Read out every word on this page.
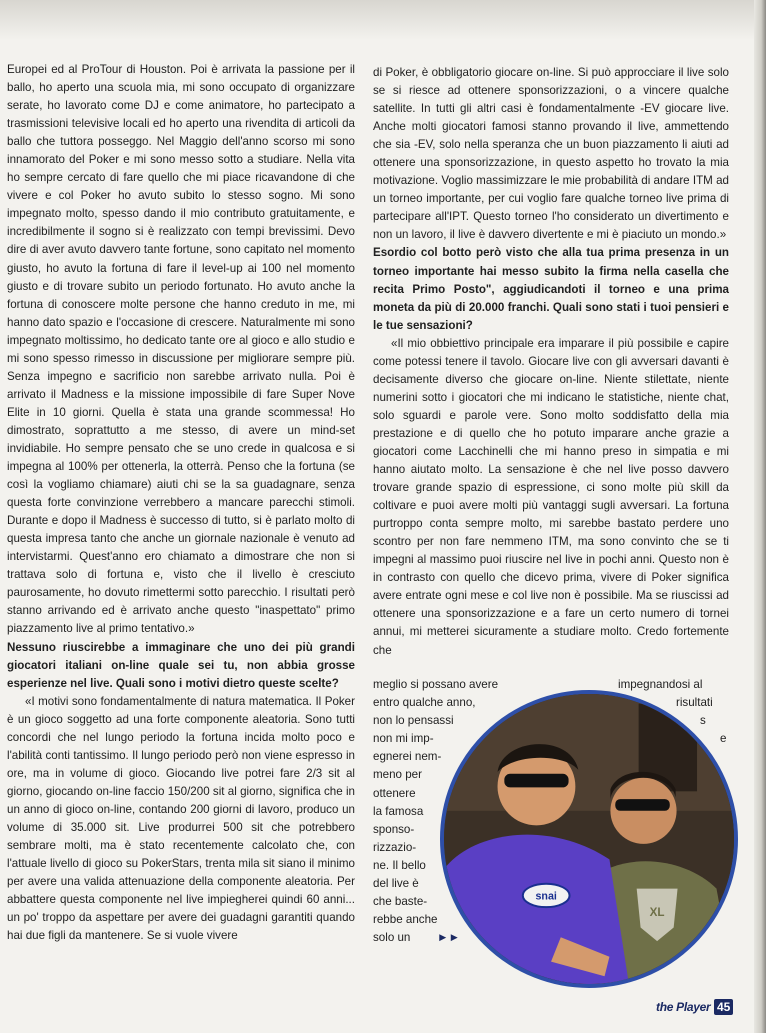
Europei ed al ProTour di Houston. Poi è arrivata la passione per il ballo, ho aperto una scuola mia, mi sono occupato di organizzare serate, ho lavorato come DJ e come animatore, ho partecipato a trasmissioni televisive locali ed ho aperto una rivendita di articoli da ballo che tuttora posseggo. Nel Maggio dell'anno scorso mi sono innamorato del Poker e mi sono messo sotto a studiare. Nella vita ho sempre cercato di fare quello che mi piace ricavandone di che vivere e col Poker ho avuto subito lo stesso sogno. Mi sono impegnato molto, spesso dando il mio contributo gratuitamente, e incredibilmente il sogno si è realizzato con tempi brevissimi. Devo dire di aver avuto davvero tante fortune, sono capitato nel momento giusto, ho avuto la fortuna di fare il level-up ai 100 nel momento giusto e di trovare subito un periodo fortunato. Ho avuto anche la fortuna di conoscere molte persone che hanno creduto in me, mi hanno dato spazio e l'occasione di crescere. Naturalmente mi sono impegnato moltissimo, ho dedicato tante ore al gioco e allo studio e mi sono spesso rimesso in discussione per migliorare sempre più. Senza impegno e sacrificio non sarebbe arrivato nulla. Poi è arrivato il Madness e la missione impossibile di fare Super Nove Elite in 10 giorni. Quella è stata una grande scommessa! Ho dimostrato, soprattutto a me stesso, di avere un mind-set invidiabile. Ho sempre pensato che se uno crede in qualcosa e si impegna al 100% per ottenerla, la otterrà. Penso che la fortuna (se così la vogliamo chiamare) aiuti chi se la sa guadagnare, senza questa forte convinzione verrebbero a mancare parecchi stimoli. Durante e dopo il Madness è successo di tutto, si è parlato molto di questa impresa tanto che anche un giornale nazionale è venuto ad intervistarmi. Quest'anno ero chiamato a dimostrare che non si trattava solo di fortuna e, visto che il livello è cresciuto paurosamente, ho dovuto rimettermi sotto parecchio. I risultati però stanno arrivando ed è arrivato anche questo "inaspettato" primo piazzamento live al primo tentativo.»

Nessuno riuscirebbe a immaginare che uno dei più grandi giocatori italiani on-line quale sei tu, non abbia grosse esperienze nel live. Quali sono i motivi dietro queste scelte?

«I motivi sono fondamentalmente di natura matematica. Il Poker è un gioco soggetto ad una forte componente aleatoria. Sono tutti concordi che nel lungo periodo la fortuna incida molto poco e l'abilità conti tantissimo. Il lungo periodo però non viene espresso in ore, ma in volume di gioco. Giocando live potrei fare 2/3 sit al giorno, giocando on-line faccio 150/200 sit al giorno, significa che in un anno di gioco on-line, contando 200 giorni di lavoro, produco un volume di 35.000 sit. Live produrrei 500 sit che potrebbero sembrare molti, ma è stato recentemente calcolato che, con l'attuale livello di gioco su PokerStars, trenta mila sit siano il minimo per avere una valida attenuazione della componente aleatoria. Per abbattere questa componente nel live impiegherei quindi 60 anni... un po' troppo da aspettare per avere dei guadagni garantiti quando hai due figli da mantenere. Se si vuole vivere

di Poker, è obbligatorio giocare on-line. Si può approcciare il live solo se si riesce ad ottenere sponsorizzazioni, o a vincere qualche satellite. In tutti gli altri casi è fondamentalmente -EV giocare live. Anche molti giocatori famosi stanno provando il live, ammettendo che sia -EV, solo nella speranza che un buon piazzamento li aiuti ad ottenere una sponsorizzazione, in questo aspetto ho trovato la mia motivazione. Voglio massimizzare le mie probabilità di andare ITM ad un torneo importante, per cui voglio fare qualche torneo live prima di partecipare all'IPT. Questo torneo l'ho considerato un divertimento e non un lavoro, il live è davvero divertente e mi è piaciuto un mondo.»

Esordio col botto però visto che alla tua prima presenza in un torneo importante hai messo subito la firma nella casella che recita Primo Posto", aggiudicandoti il torneo e una prima moneta da più di 20.000 franchi. Quali sono stati i tuoi pensieri e le tue sensazioni?

«Il mio obbiettivo principale era imparare il più possibile e capire come potessi tenere il tavolo. Giocare live con gli avversari davanti è decisamente diverso che giocare on-line. Niente stilettate, niente numerini sotto i giocatori che mi indicano le statistiche, niente chat, solo sguardi e parole vere. Sono molto soddisfatto della mia prestazione e di quello che ho potuto imparare anche grazie a giocatori come Lacchinelli che mi hanno preso in simpatia e mi hanno aiutato molto. La sensazione è che nel live posso davvero trovare grande spazio di espressione, ci sono molte più skill da coltivare e puoi avere molti più vantaggi sugli avversari. La fortuna purtroppo conta sempre molto, mi sarebbe bastato perdere uno scontro per non fare nemmeno ITM, ma sono convinto che se ti impegni al massimo puoi riuscire nel live in pochi anni. Questo non è in contrasto con quello che dicevo prima, vivere di Poker significa avere entrate ogni mese e col live non è possibile. Ma se riuscissi ad ottenere una sponsorizzazione e a fare un certo numero di tornei annui, mi metterei sicuramente a studiare molto. Credo fortemente che

meglio si possano avere
entro qualche anno,
non lo pensassi
non mi imp-
egnerei nem-
meno per
ottenere
la famosa
sponso-
rizzazio-
ne. Il bello
del live è
che baste-
rebbe anche
solo un ►►
impegnandosi al
risultati
s
e
snai
XL
the Player 45
